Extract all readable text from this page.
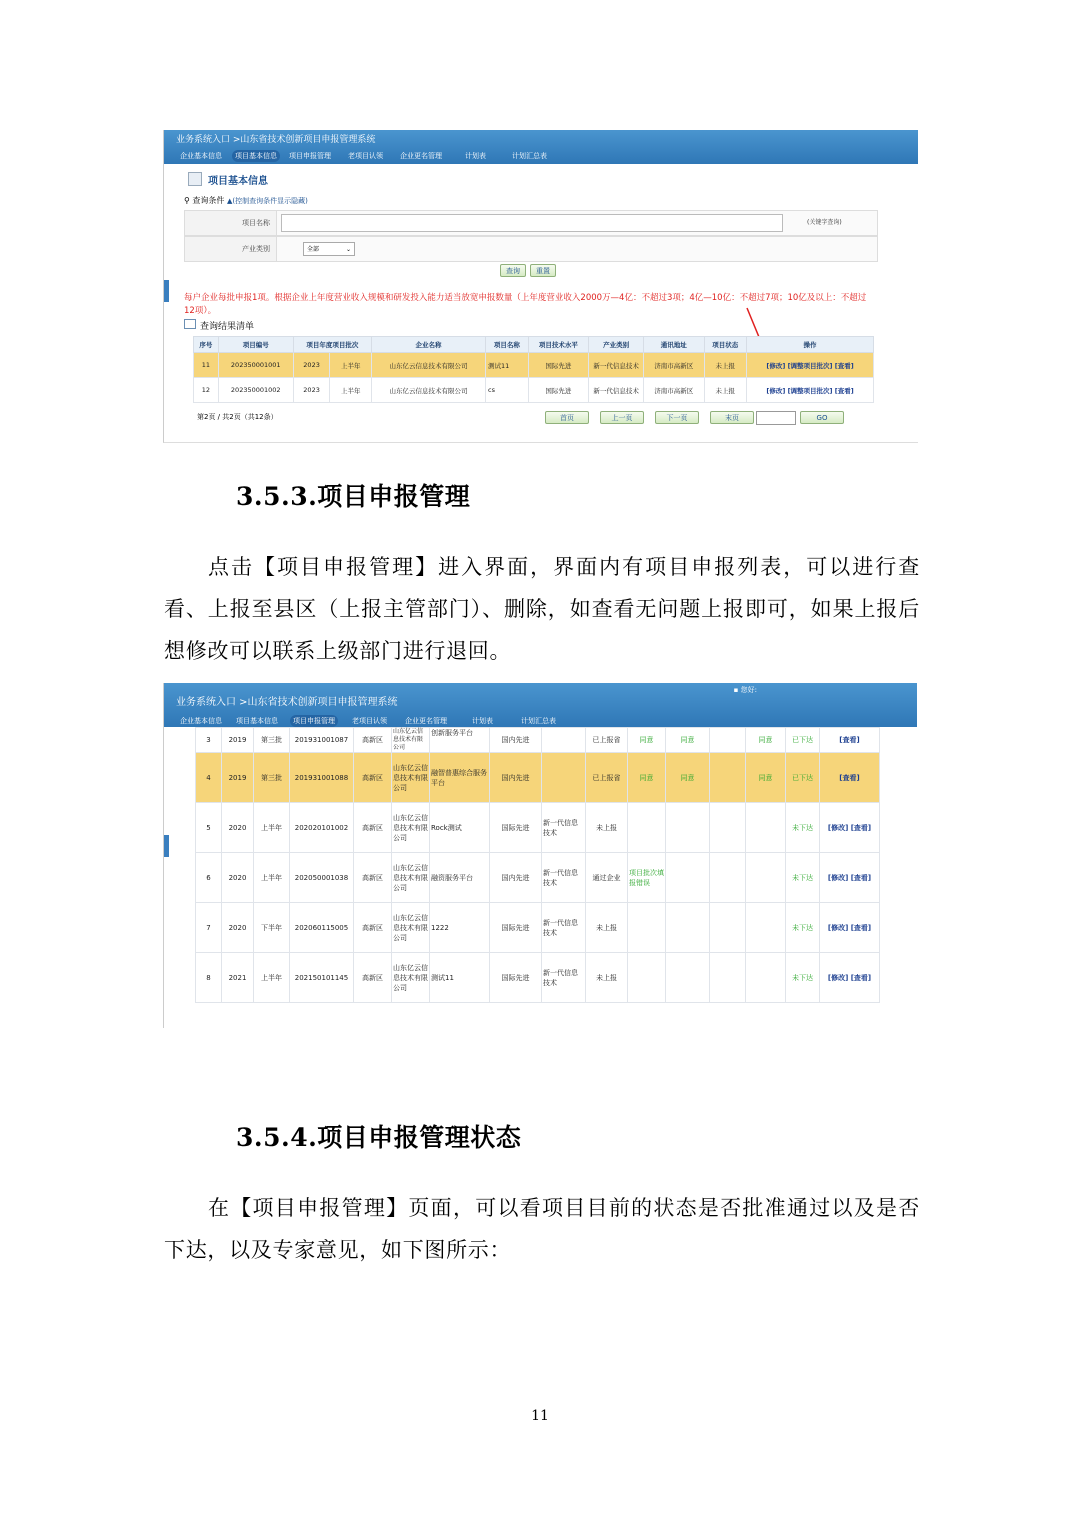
业务系统入口 >山东省技术创新项目申报管理系统
企业基本信息	项目基本信息	项目申报管理 老项目认领 企业更名管理	计划表	计划汇总表
项目基本信息
⚲ 查询条件 ▲(控制查询条件显示隐藏)
项目名称	(关键字查询)
产业类别	全部	⌄
查询	重置
每户企业每批申报1项。根据企业上年度营业收入规模和研发投入能力适当放宽申报数量（上年度营业收入2000万—4亿：不超过3项；4亿—10亿：不超过7项；10亿及以上：不超过12项）。
查询结果清单
序号	项目编号	项目年度项目批次		企业名称	项目名称	项目技术水平	产业类别	通讯地址	项目状态	操作
11	202350001001	2023	上半年	山东亿云信息技术有限公司	测试11	国际先进	新一代信息技术	济南市高新区	未上报	[修改] [调整项目批次] [查看]
12	202350001002	2023	上半年	山东亿云信息技术有限公司	cs	国际先进	新一代信息技术	济南市高新区	未上报	[修改] [调整项目批次] [查看]
第2页 / 共2页（共12条）	首页	上一页	下一页	末页	GO
3.5.3.项目申报管理
点击【项目申报管理】进入界面，界面内有项目申报列表，可以进行查看、上报至县区（上报主管部门）、删除，如查看无问题上报即可，如果上报后想修改可以联系上级部门进行退回。
▪ 您好:
业务系统入口 >山东省技术创新项目申报管理系统
企业基本信息 项目基本信息	项目申报管理	老项目认领	企业更名管理	计划表	计划汇总表
3	2019	第三批	201931001087	高新区	山东亿云信息技术有限公司	创新服务平台	国内先进		已上报省	同意	同意		同意	已下达	[查看]
4	2019	第三批	201931001088	高新区	山东亿云信息技术有限公司	融智普惠综合服务平台	国内先进		已上报省	同意	同意		同意	已下达	[查看]
5	2020	上半年	202020101002	高新区	山东亿云信息技术有限公司	Rock测试	国际先进	新一代信息技术	未上报					未下达	[修改] [查看]
6	2020	上半年	202050001038	高新区	山东亿云信息技术有限公司	融资服务平台	国内先进	新一代信息技术	通过企业	项目批次填报错误				未下达	[修改] [查看]
7	2020	下半年	202060115005	高新区	山东亿云信息技术有限公司	1222	国际先进	新一代信息技术	未上报					未下达	[修改] [查看]
8	2021	上半年	202150101145	高新区	山东亿云信息技术有限公司	测试11	国际先进	新一代信息技术	未上报					未下达	[修改] [查看]
3.5.4.项目申报管理状态
在【项目申报管理】页面，可以看项目目前的状态是否批准通过以及是否下达，以及专家意见，如下图所示：
11
